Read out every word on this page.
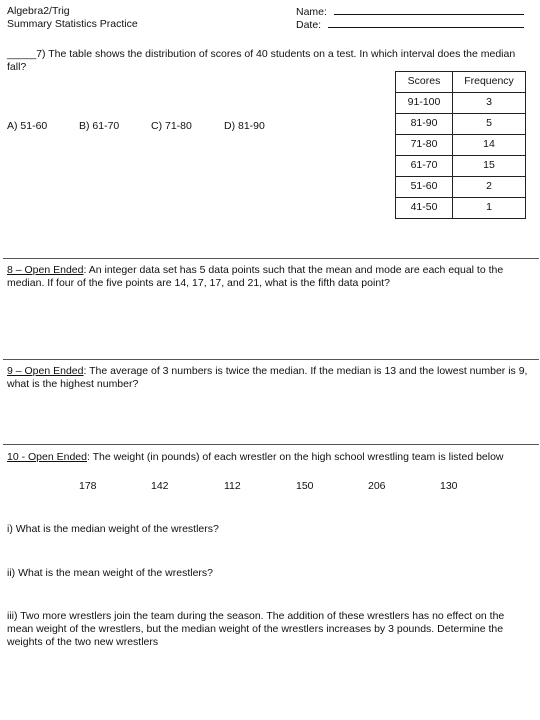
Algebra2/Trig
Summary Statistics Practice
Name:
Date:
_____7) The table shows the distribution of scores of 40 students on a test. In which interval does the median fall?
A) 51-60	B) 61-70	C) 71-80	D) 81-90
Scores	Frequency
91-100	3
81-90	5
71-80	14
61-70	15
51-60	2
41-50	1
8 – Open Ended: An integer data set has 5 data points such that the mean and mode are each equal to the median. If four of the five points are 14, 17, 17, and 21, what is the fifth data point?
9 – Open Ended: The average of 3 numbers is twice the median. If the median is 13 and the lowest number is 9, what is the highest number?
10 - Open Ended: The weight (in pounds) of each wrestler on the high school wrestling team is listed below
178	142	112	150	206	130
i) What is the median weight of the wrestlers?
ii) What is the mean weight of the wrestlers?
iii) Two more wrestlers join the team during the season. The addition of these wrestlers has no effect on the mean weight of the wrestlers, but the median weight of the wrestlers increases by 3 pounds. Determine the weights of the two new wrestlers
